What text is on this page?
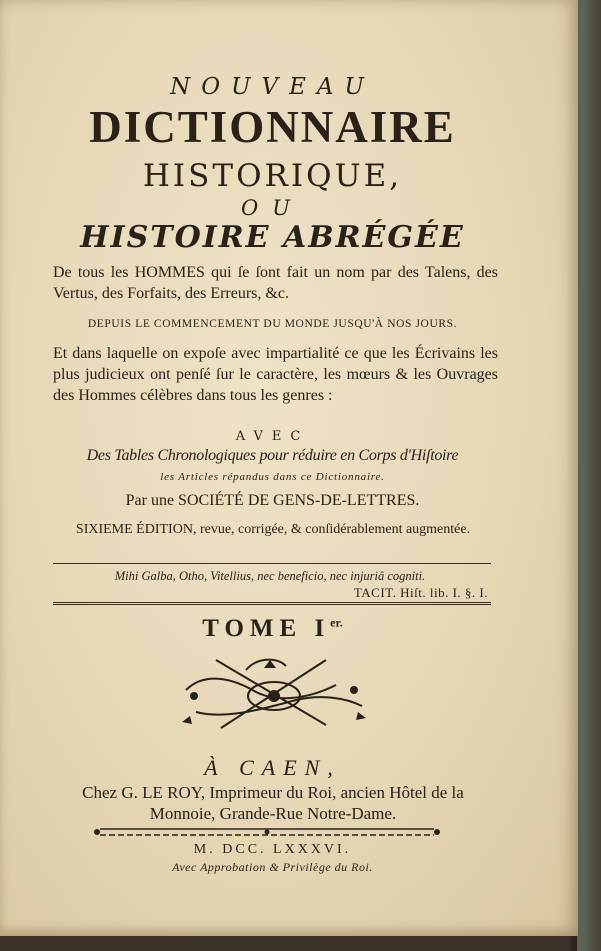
NOUVEAU
DICTIONNAIRE
HISTORIQUE,
OU
HISTOIRE ABRÉGÉE
De tous les HOMMES qui ſe ſont fait un nom par des Talens, des Vertus, des Forfaits, des Erreurs, &c.
DEPUIS LE COMMENCEMENT DU MONDE JUSQU'À NOS JOURS.
Et dans laquelle on expoſe avec impartialité ce que les Écrivains les plus judicieux ont penſé ſur le caractère, les mœurs & les Ouvrages des Hommes célèbres dans tous les genres :
AVEC
Des Tables Chronologiques pour réduire en Corps d'Hiſtoire
les Articles répandus dans ce Dictionnaire.
Par une SOCIÉTÉ DE GENS-DE-LETTRES.
SIXIEME ÉDITION, revue, corrigée, & conſidérablement augmentée.
Mihi Galba, Otho, Vitellius, nec beneficio, nec injuriâ cogniti.
TACIT. Hiſt. lib. I. §. I.
TOME $I^{er.}$
À CAEN,
Chez G. LE ROY, Imprimeur du Roi, ancien Hôtel de la Monnoie, Grande-Rue Notre-Dame.
M. DCC. LXXXVI.
Avec Approbation & Privilège du Roi.
